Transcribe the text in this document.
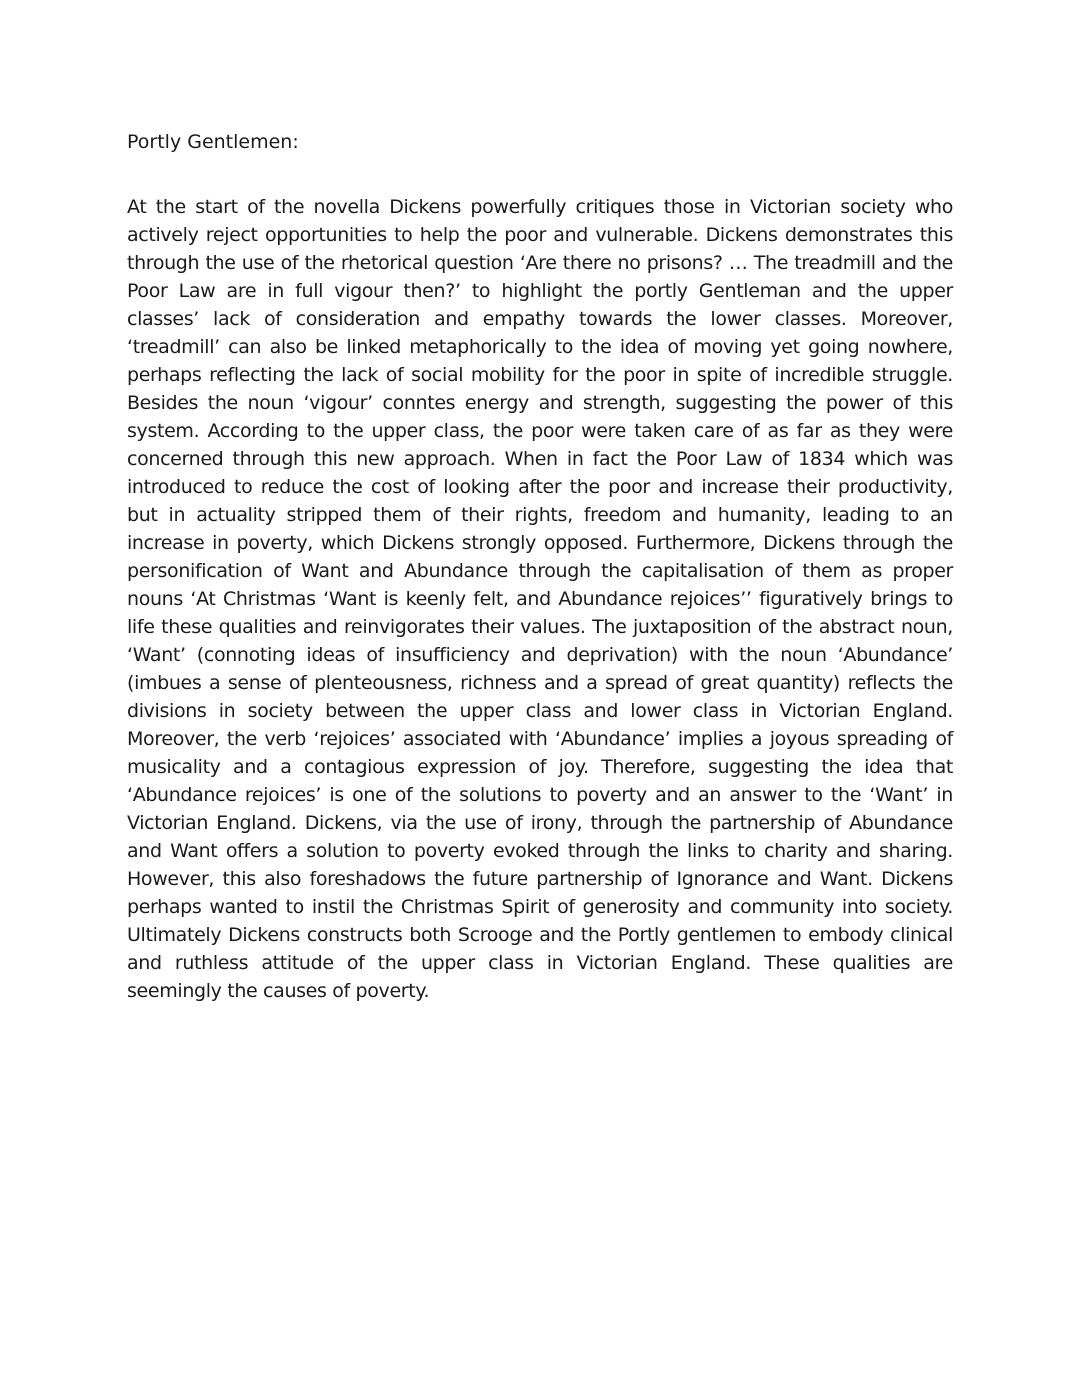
Portly Gentlemen:

At the start of the novella Dickens powerfully critiques those in Victorian society who actively reject opportunities to help the poor and vulnerable. Dickens demonstrates this through the use of the rhetorical question ‘Are there no prisons? … The treadmill and the Poor Law are in full vigour then?’ to highlight the portly Gentleman and the upper classes’ lack of consideration and empathy towards the lower classes. Moreover, ‘treadmill’ can also be linked metaphorically to the idea of moving yet going nowhere, perhaps reflecting the lack of social mobility for the poor in spite of incredible struggle. Besides the noun ‘vigour’ conntes energy and strength, suggesting the power of this system. According to the upper class, the poor were taken care of as far as they were concerned through this new approach. When in fact the Poor Law of 1834 which was introduced to reduce the cost of looking after the poor and increase their productivity, but in actuality stripped them of their rights, freedom and humanity, leading to an increase in poverty, which Dickens strongly opposed. Furthermore, Dickens through the personification of Want and Abundance through the capitalisation of them as proper nouns ‘At Christmas ‘Want is keenly felt, and Abundance rejoices’’ figuratively brings to life these qualities and reinvigorates their values. The juxtaposition of the abstract noun, ‘Want’ (connoting ideas of insufficiency and deprivation) with the noun ‘Abundance’ (imbues a sense of plenteousness, richness and a spread of great quantity) reflects the divisions in society between the upper class and lower class in Victorian England. Moreover, the verb ‘rejoices’ associated with ‘Abundance’ implies a joyous spreading of musicality and a contagious expression of joy. Therefore, suggesting the idea that ‘Abundance rejoices’ is one of the solutions to poverty and an answer to the ‘Want’ in Victorian England. Dickens, via the use of irony, through the partnership of Abundance and Want offers a solution to poverty evoked through the links to charity and sharing. However, this also foreshadows the future partnership of Ignorance and Want. Dickens perhaps wanted to instil the Christmas Spirit of generosity and community into society. Ultimately Dickens constructs both Scrooge and the Portly gentlemen to embody clinical and ruthless attitude of the upper class in Victorian England. These qualities are seemingly the causes of poverty.
